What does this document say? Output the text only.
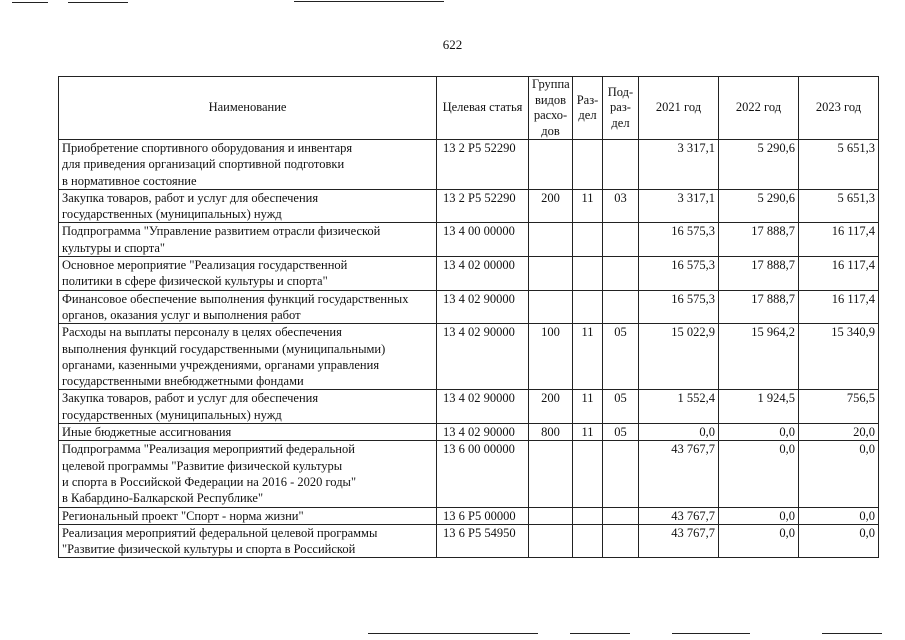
622
Наименование	Целевая статья	Группа видов расхо-дов	Раз-дел	Под-раз-дел	2021 год	2022 год	2023 год
Приобретение спортивного оборудования и инвентаря
для приведения организаций спортивной подготовки
в нормативное состояние	13 2 Р5 52290				3 317,1	5 290,6	5 651,3
Закупка товаров, работ и услуг для обеспечения
государственных (муниципальных) нужд	13 2 Р5 52290	200	11	03	3 317,1	5 290,6	5 651,3
Подпрограмма "Управление развитием отрасли физической
культуры и спорта"	13 4 00 00000				16 575,3	17 888,7	16 117,4
Основное мероприятие "Реализация государственной
политики в сфере физической культуры и спорта"	13 4 02 00000				16 575,3	17 888,7	16 117,4
Финансовое обеспечение выполнения функций государственных
органов, оказания услуг и выполнения работ	13 4 02 90000				16 575,3	17 888,7	16 117,4
Расходы на выплаты персоналу в целях обеспечения
выполнения функций государственными (муниципальными)
органами, казенными учреждениями, органами управления
государственными внебюджетными фондами	13 4 02 90000	100	11	05	15 022,9	15 964,2	15 340,9
Закупка товаров, работ и услуг для обеспечения
государственных (муниципальных) нужд	13 4 02 90000	200	11	05	1 552,4	1 924,5	756,5
Иные бюджетные ассигнования	13 4 02 90000	800	11	05	0,0	0,0	20,0
Подпрограмма "Реализация мероприятий федеральной
целевой программы "Развитие физической культуры
и спорта в Российской Федерации на 2016 - 2020 годы"
в Кабардино-Балкарской Республике"	13 6 00 00000				43 767,7	0,0	0,0
Региональный проект "Спорт - норма жизни"	13 6 Р5 00000				43 767,7	0,0	0,0
Реализация мероприятий федеральной целевой программы
"Развитие физической культуры и спорта в Российской	13 6 Р5 54950				43 767,7	0,0	0,0
